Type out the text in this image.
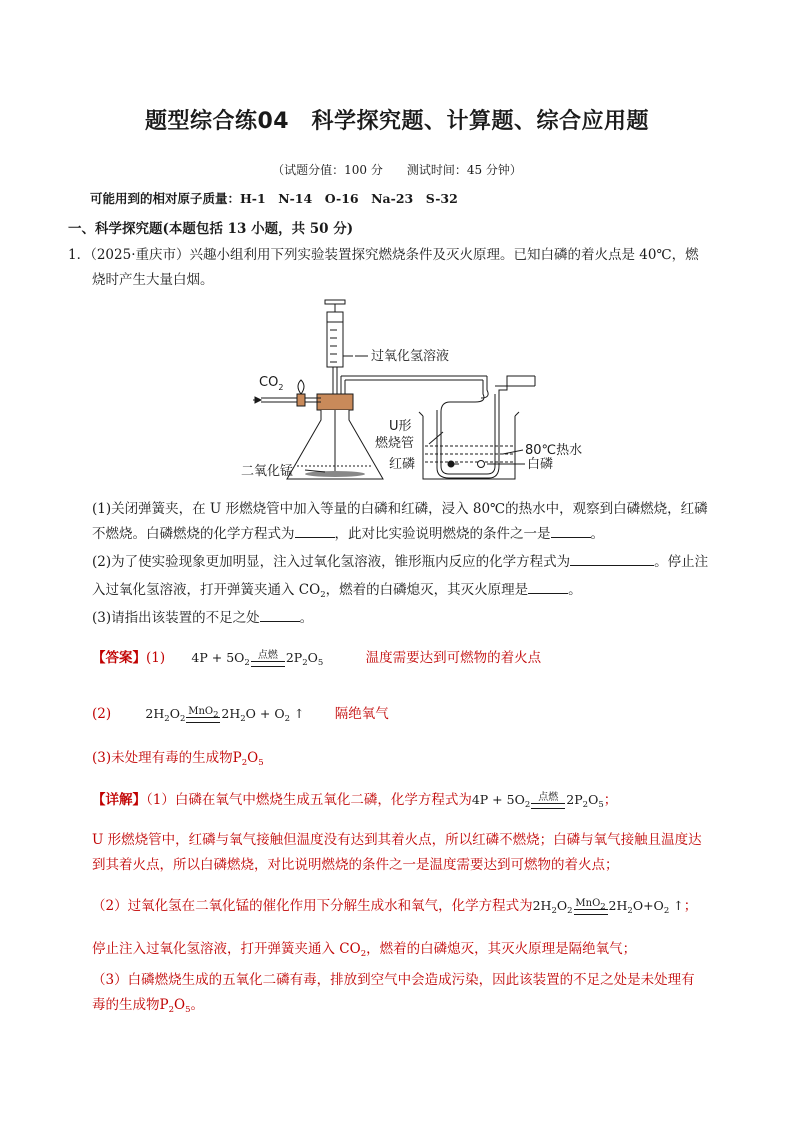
题型综合练04　科学探究题、计算题、综合应用题
（试题分值：100 分　　测试时间：45 分钟）
可能用到的相对原子质量：H-1　N-14　O-16　Na-23　S-32
一、科学探究题(本题包括 13 小题，共 50 分)
1．（2025·重庆市）兴趣小组利用下列实验装置探究燃烧条件及灭火原理。已知白磷的着火点是 40℃，燃
烧时产生大量白烟。
过氧化氢溶液
$CO_2$
U形
燃烧管
红磷
80℃热水
白磷
二氧化锰
(1)关闭弹簧夹，在 U 形燃烧管中加入等量的白磷和红磷，浸入 80℃的热水中，观察到白磷燃烧，红磷
不燃烧。白磷燃烧的化学方程式为	，此对比实验说明燃烧的条件之一是	。
(2)为了使实验现象更加明显，注入过氧化氢溶液，锥形瓶内反应的化学方程式为	。停止注
入过氧化氢溶液，打开弹簧夹通入 $CO_2$，燃着的白磷熄灭，其灭火原理是	。
(3)请指出该装置的不足之处	。
【答案】(1) $4P + 5O_2$
点燃 $2P_2O_5$	温度需要达到可燃物的着火点
(2)	$2H_2O_2$
MnO$_2$ $2H_2O + O_2$ ↑ 隔绝氧气
(3)未处理有毒的生成物$P_2O_5$
【详解】（1）白磷在氧气中燃烧生成五氧化二磷，化学方程式为$4P + 5O_2$
点燃 $2P_2O_5$；
U 形燃烧管中，红磷与氧气接触但温度没有达到其着火点，所以红磷不燃烧；白磷与氧气接触且温度达
到其着火点，所以白磷燃烧，对比说明燃烧的条件之一是温度需要达到可燃物的着火点；
（2）过氧化氢在二氧化锰的催化作用下分解生成水和氧气，化学方程式为$2H_2O_2$
MnO$_2$ $2H_2O+O_2$ ↑；
停止注入过氧化氢溶液，打开弹簧夹通入 $CO_2$，燃着的白磷熄灭，其灭火原理是隔绝氧气；
（3）白磷燃烧生成的五氧化二磷有毒，排放到空气中会造成污染，因此该装置的不足之处是未处理有
毒的生成物$P_2O_5$。
